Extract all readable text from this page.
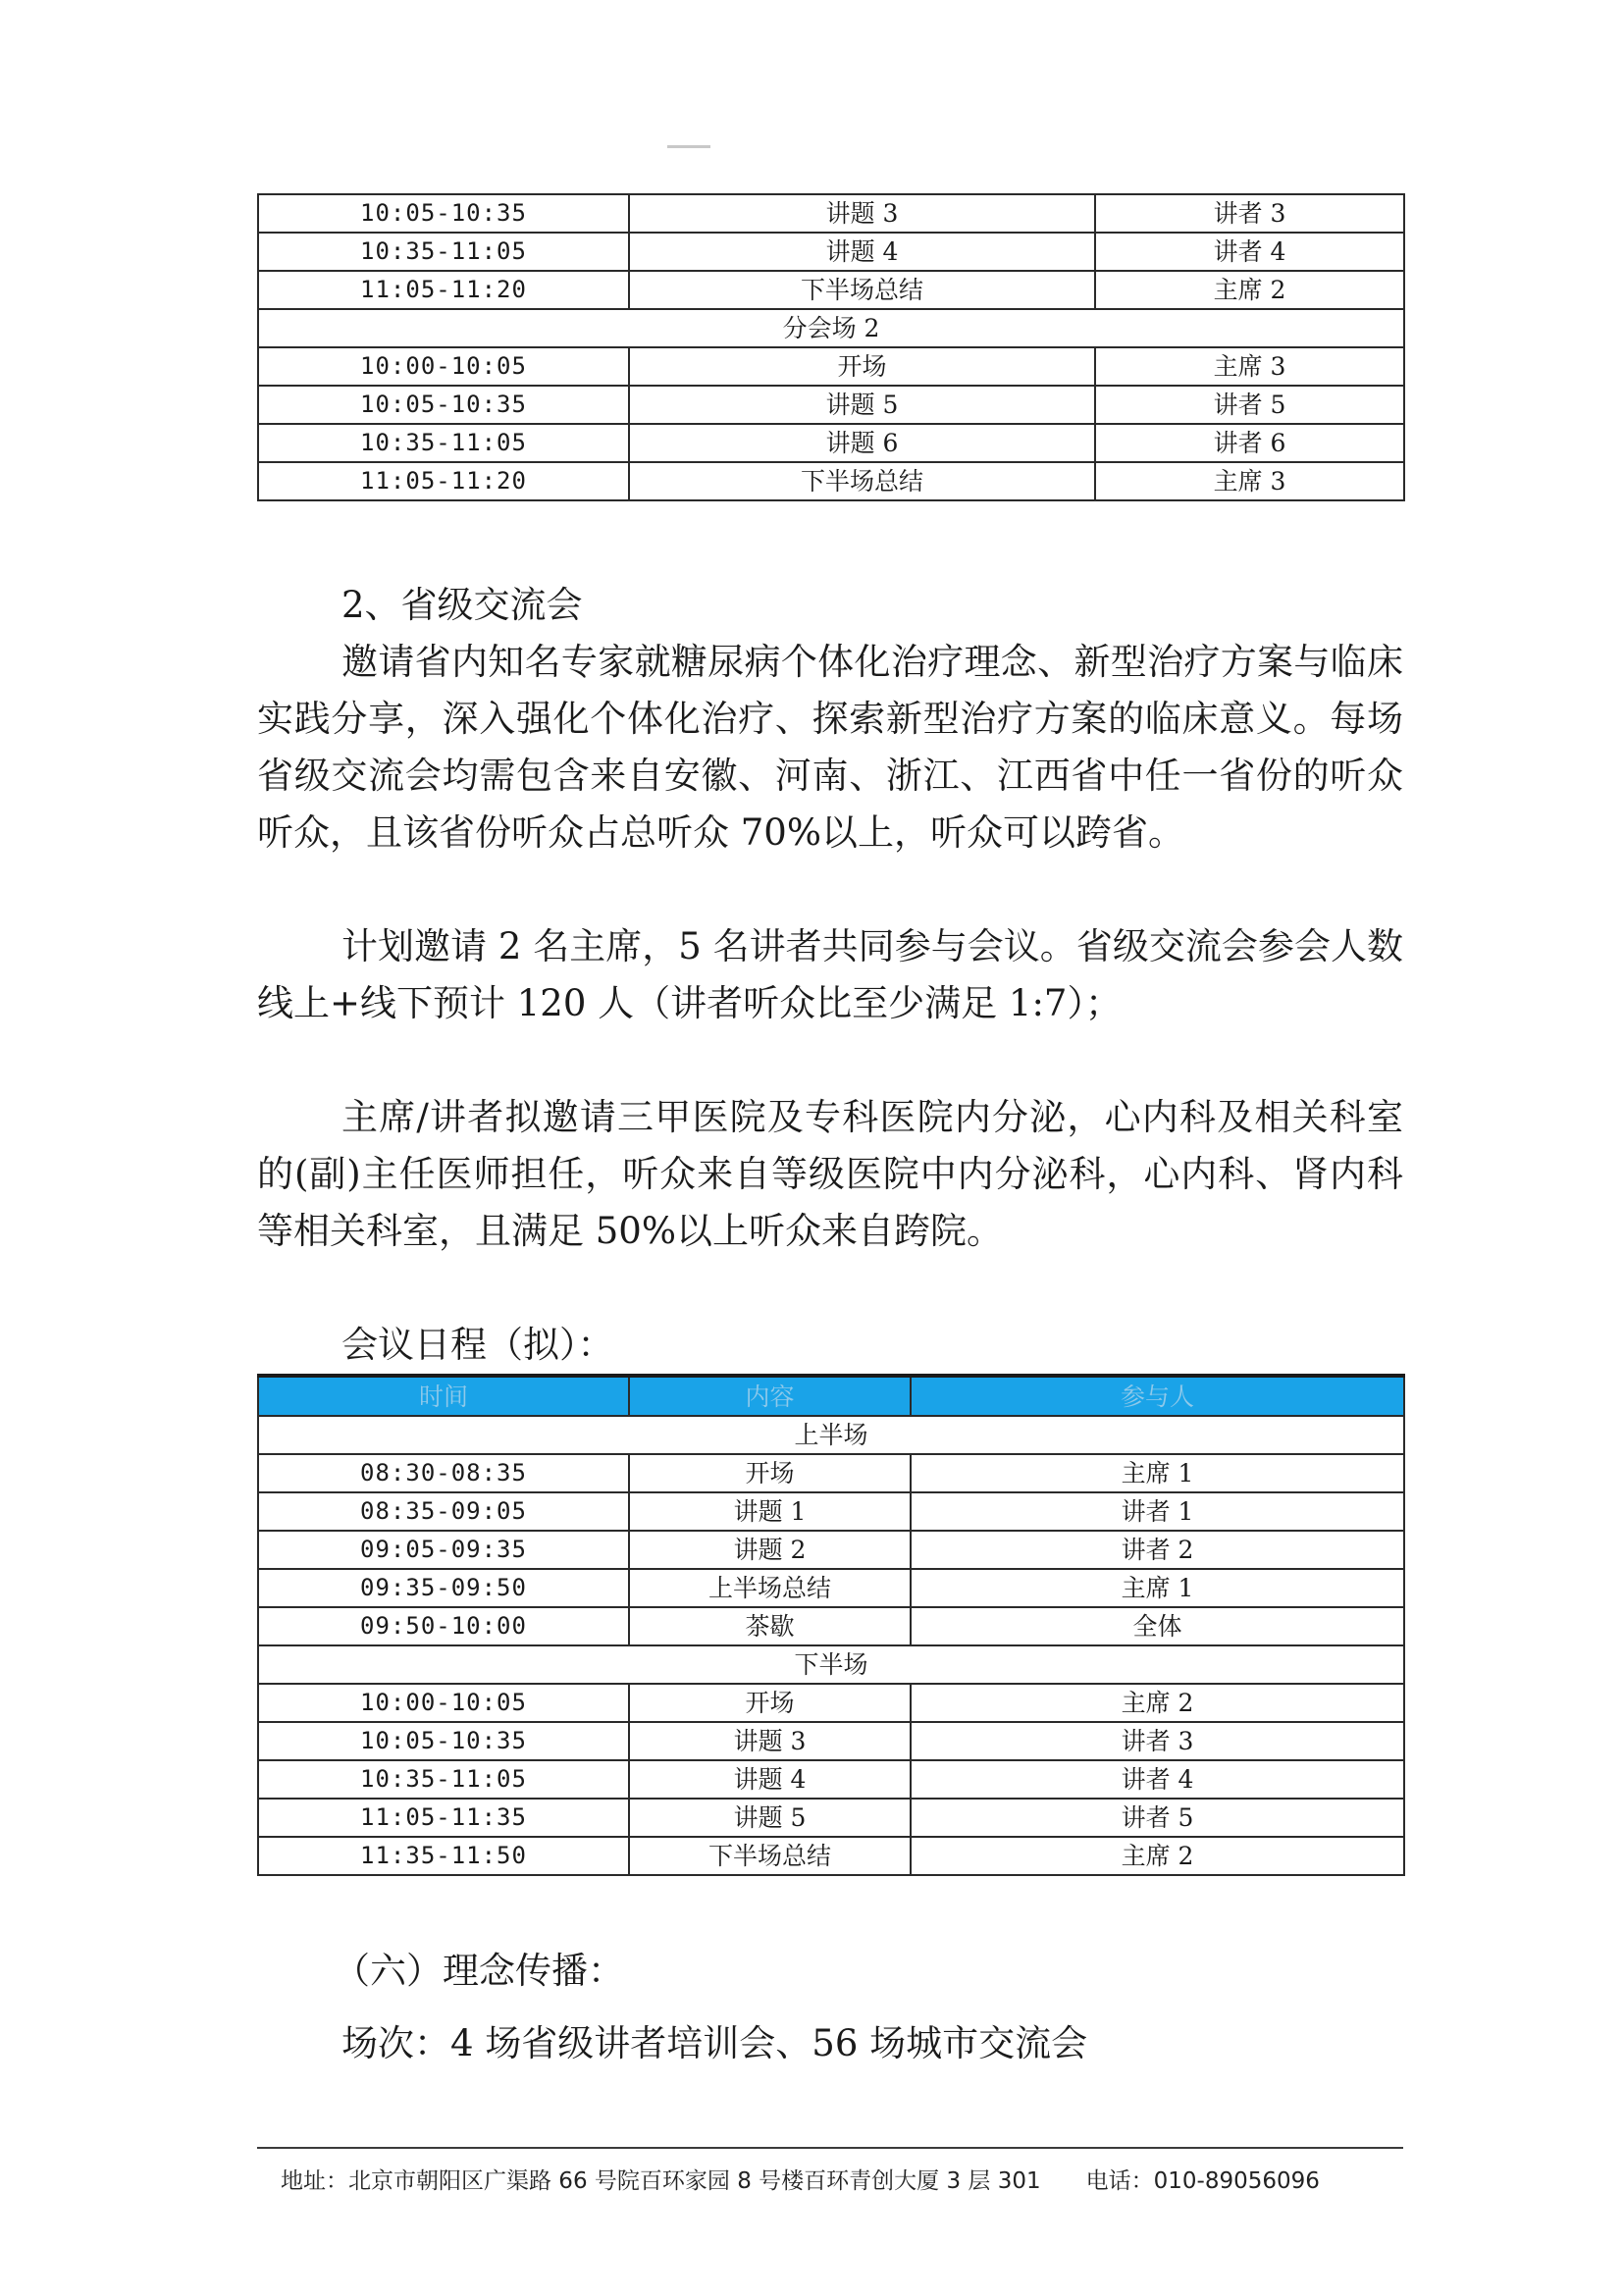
10:05-10:35	讲题 3	讲者 3
10:35-11:05	讲题 4	讲者 4
11:05-11:20	下半场总结	主席 2
分会场 2		
10:00-10:05	开场	主席 3
10:05-10:35	讲题 5	讲者 5
10:35-11:05	讲题 6	讲者 6
11:05-11:20	下半场总结	主席 3
2、省级交流会
邀请省内知名专家就糖尿病个体化治疗理念、新型治疗方案与临床实践分享，深入强化个体化治疗、探索新型治疗方案的临床意义。每场省级交流会均需包含来自安徽、河南、浙江、江西省中任一省份的听众听众，且该省份听众占总听众 70%以上，听众可以跨省。
计划邀请 2 名主席，5 名讲者共同参与会议。省级交流会参会人数线上+线下预计 120 人（讲者听众比至少满足 1:7）；
主席/讲者拟邀请三甲医院及专科医院内分泌，心内科及相关科室的(副)主任医师担任，听众来自等级医院中内分泌科，心内科、肾内科等相关科室，且满足 50%以上听众来自跨院。
会议日程（拟）：
时间	内容	参与人
上半场		
08:30-08:35	开场	主席 1
08:35-09:05	讲题 1	讲者 1
09:05-09:35	讲题 2	讲者 2
09:35-09:50	上半场总结	主席 1
09:50-10:00	茶歇	全体
下半场		
10:00-10:05	开场	主席 2
10:05-10:35	讲题 3	讲者 3
10:35-11:05	讲题 4	讲者 4
11:05-11:35	讲题 5	讲者 5
11:35-11:50	下半场总结	主席 2
（六）理念传播：
场次：4 场省级讲者培训会、56 场城市交流会
地址：北京市朝阳区广渠路 66 号院百环家园 8 号楼百环青创大厦 3 层 301 电话：010-89056096
